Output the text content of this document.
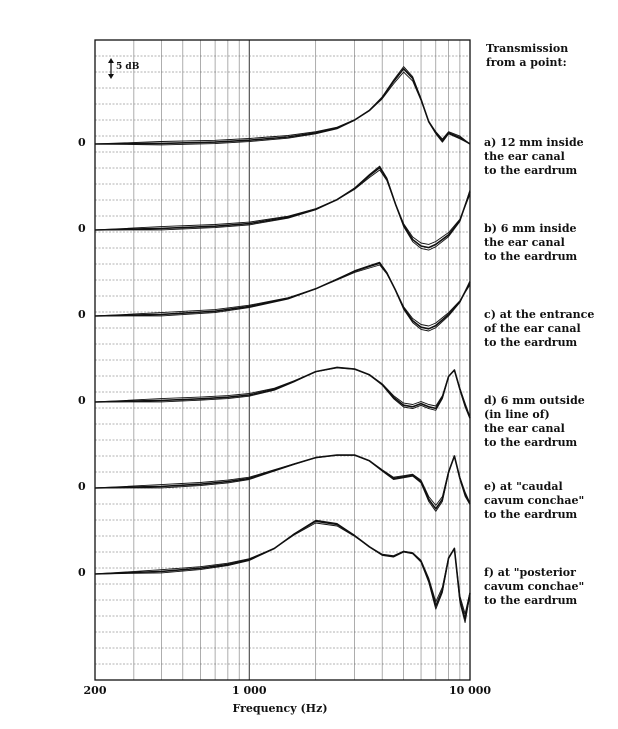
5 dB
Transmission
from a point:
a) 12 mm inside
the ear canal
to the eardrum
b) 6 mm inside
the ear canal
to the eardrum
c) at the entrance
of the ear canal
to the eardrum
d) 6 mm outside
(in line of)
the ear canal
to the eardrum
e) at "caudal
cavum conchae"
to the eardrum
f) at "posterior
cavum conchae"
to the eardrum
0
0
0
0
0
0
200	1 000	10 000
Frequency (Hz)
